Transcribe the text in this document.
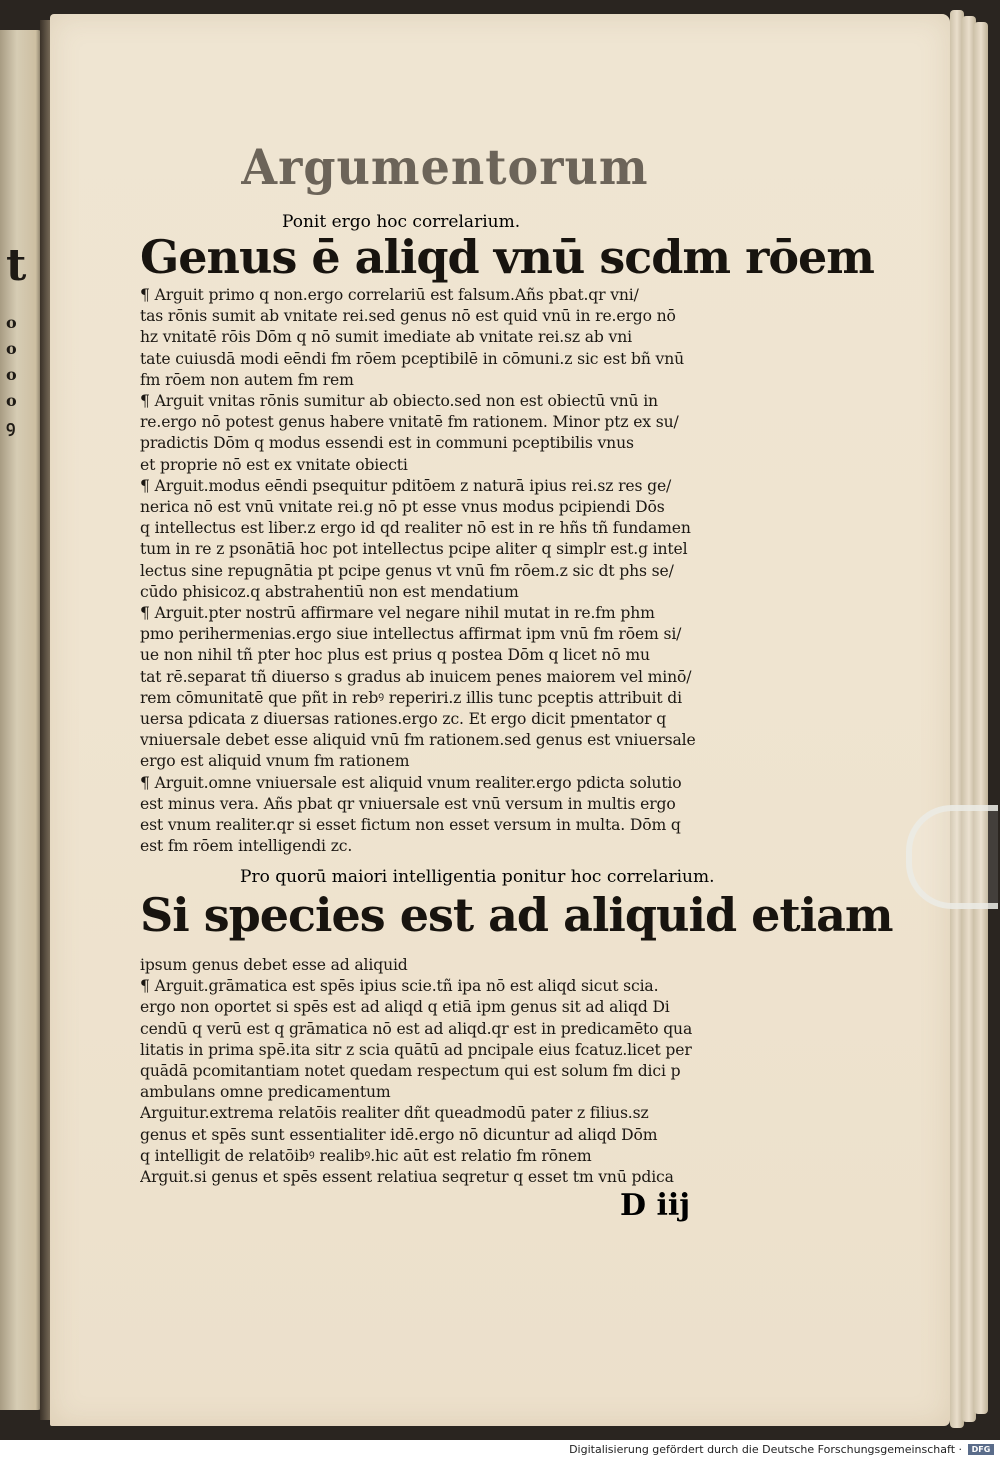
t
o
o
o
o
ꝯ
Argumentorum
Ponit ergo hoc correlarium.
Genus ē aliqd vnū scdm rōem
¶ Arguit primo q non.ergo correlariū est falsum.Añs pbat.qr vni/
tas rōnis sumit ab vnitate rei.sed genus nō est quid vnū in re.ergo nō
hz vnitatē rōis Dōm q nō sumit imediate ab vnitate rei.sz ab vni
tate cuiusdā modi eēndi fm rōem pceptibilē in cōmuni.z sic est bñ vnū
fm rōem non autem fm rem
¶ Arguit vnitas rōnis sumitur ab obiecto.sed non est obiectū vnū in
re.ergo nō potest genus habere vnitatē fm rationem. Minor ptz ex su/
pradictis Dōm q modus essendi est in communi pceptibilis vnus
et proprie nō est ex vnitate obiecti
¶ Arguit.modus eēndi psequitur pditōem z naturā ipius rei.sz res ge/
nerica nō est vnū vnitate rei.g nō pt esse vnus modus pcipiendi Dōs
q intellectus est liber.z ergo id qd realiter nō est in re hñs tñ fundamen
tum in re z psonātiā hoc pot intellectus pcipe aliter q simplr est.g intel
lectus sine repugnātia pt pcipe genus vt vnū fm rōem.z sic dt phs se/
cūdo phisicoz.q abstrahentiū non est mendatium
¶ Arguit.pter nostrū affirmare vel negare nihil mutat in re.fm phm
pmo perihermenias.ergo siue intellectus affirmat ipm vnū fm rōem si/
ue non nihil tñ pter hoc plus est prius q postea Dōm q licet nō mu
tat rē.separat tñ diuerso s gradus ab inuicem penes maiorem vel minō/
rem cōmunitatē que pñt in rebꝰ reperiri.z illis tunc pceptis attribuit di
uersa pdicata z diuersas rationes.ergo zc. Et ergo dicit pmentator q
vniuersale debet esse aliquid vnū fm rationem.sed genus est vniuersale
ergo est aliquid vnum fm rationem
¶ Arguit.omne vniuersale est aliquid vnum realiter.ergo pdicta solutio
est minus vera. Añs pbat qr vniuersale est vnū versum in multis ergo
est vnum realiter.qr si esset fictum non esset versum in multa. Dōm q
est fm rōem intelligendi zc.
Pro quorū maiori intelligentia ponitur hoc correlarium.
Si species est ad aliquid etiam
ipsum genus debet esse ad aliquid
¶ Arguit.grāmatica est spēs ipius scie.tñ ipa nō est aliqd sicut scia.
ergo non oportet si spēs est ad aliqd q etiā ipm genus sit ad aliqd Di
cendū q verū est q grāmatica nō est ad aliqd.qr est in predicamēto qua
litatis in prima spē.ita sitr z scia quātū ad pncipale eius fcatuz.licet per
quādā pcomitantiam notet quedam respectum qui est solum fm dici p
ambulans omne predicamentum
Arguitur.extrema relatōis realiter dñt queadmodū pater z filius.sz
genus et spēs sunt essentialiter idē.ergo nō dicuntur ad aliqd Dōm
q intelligit de relatōibꝰ realibꝰ.hic aūt est relatio fm rōnem
Arguit.si genus et spēs essent relatiua seqretur q esset tm vnū pdica
D iij
Digitalisierung gefördert durch die Deutsche Forschungsgemeinschaft ·	DFG
